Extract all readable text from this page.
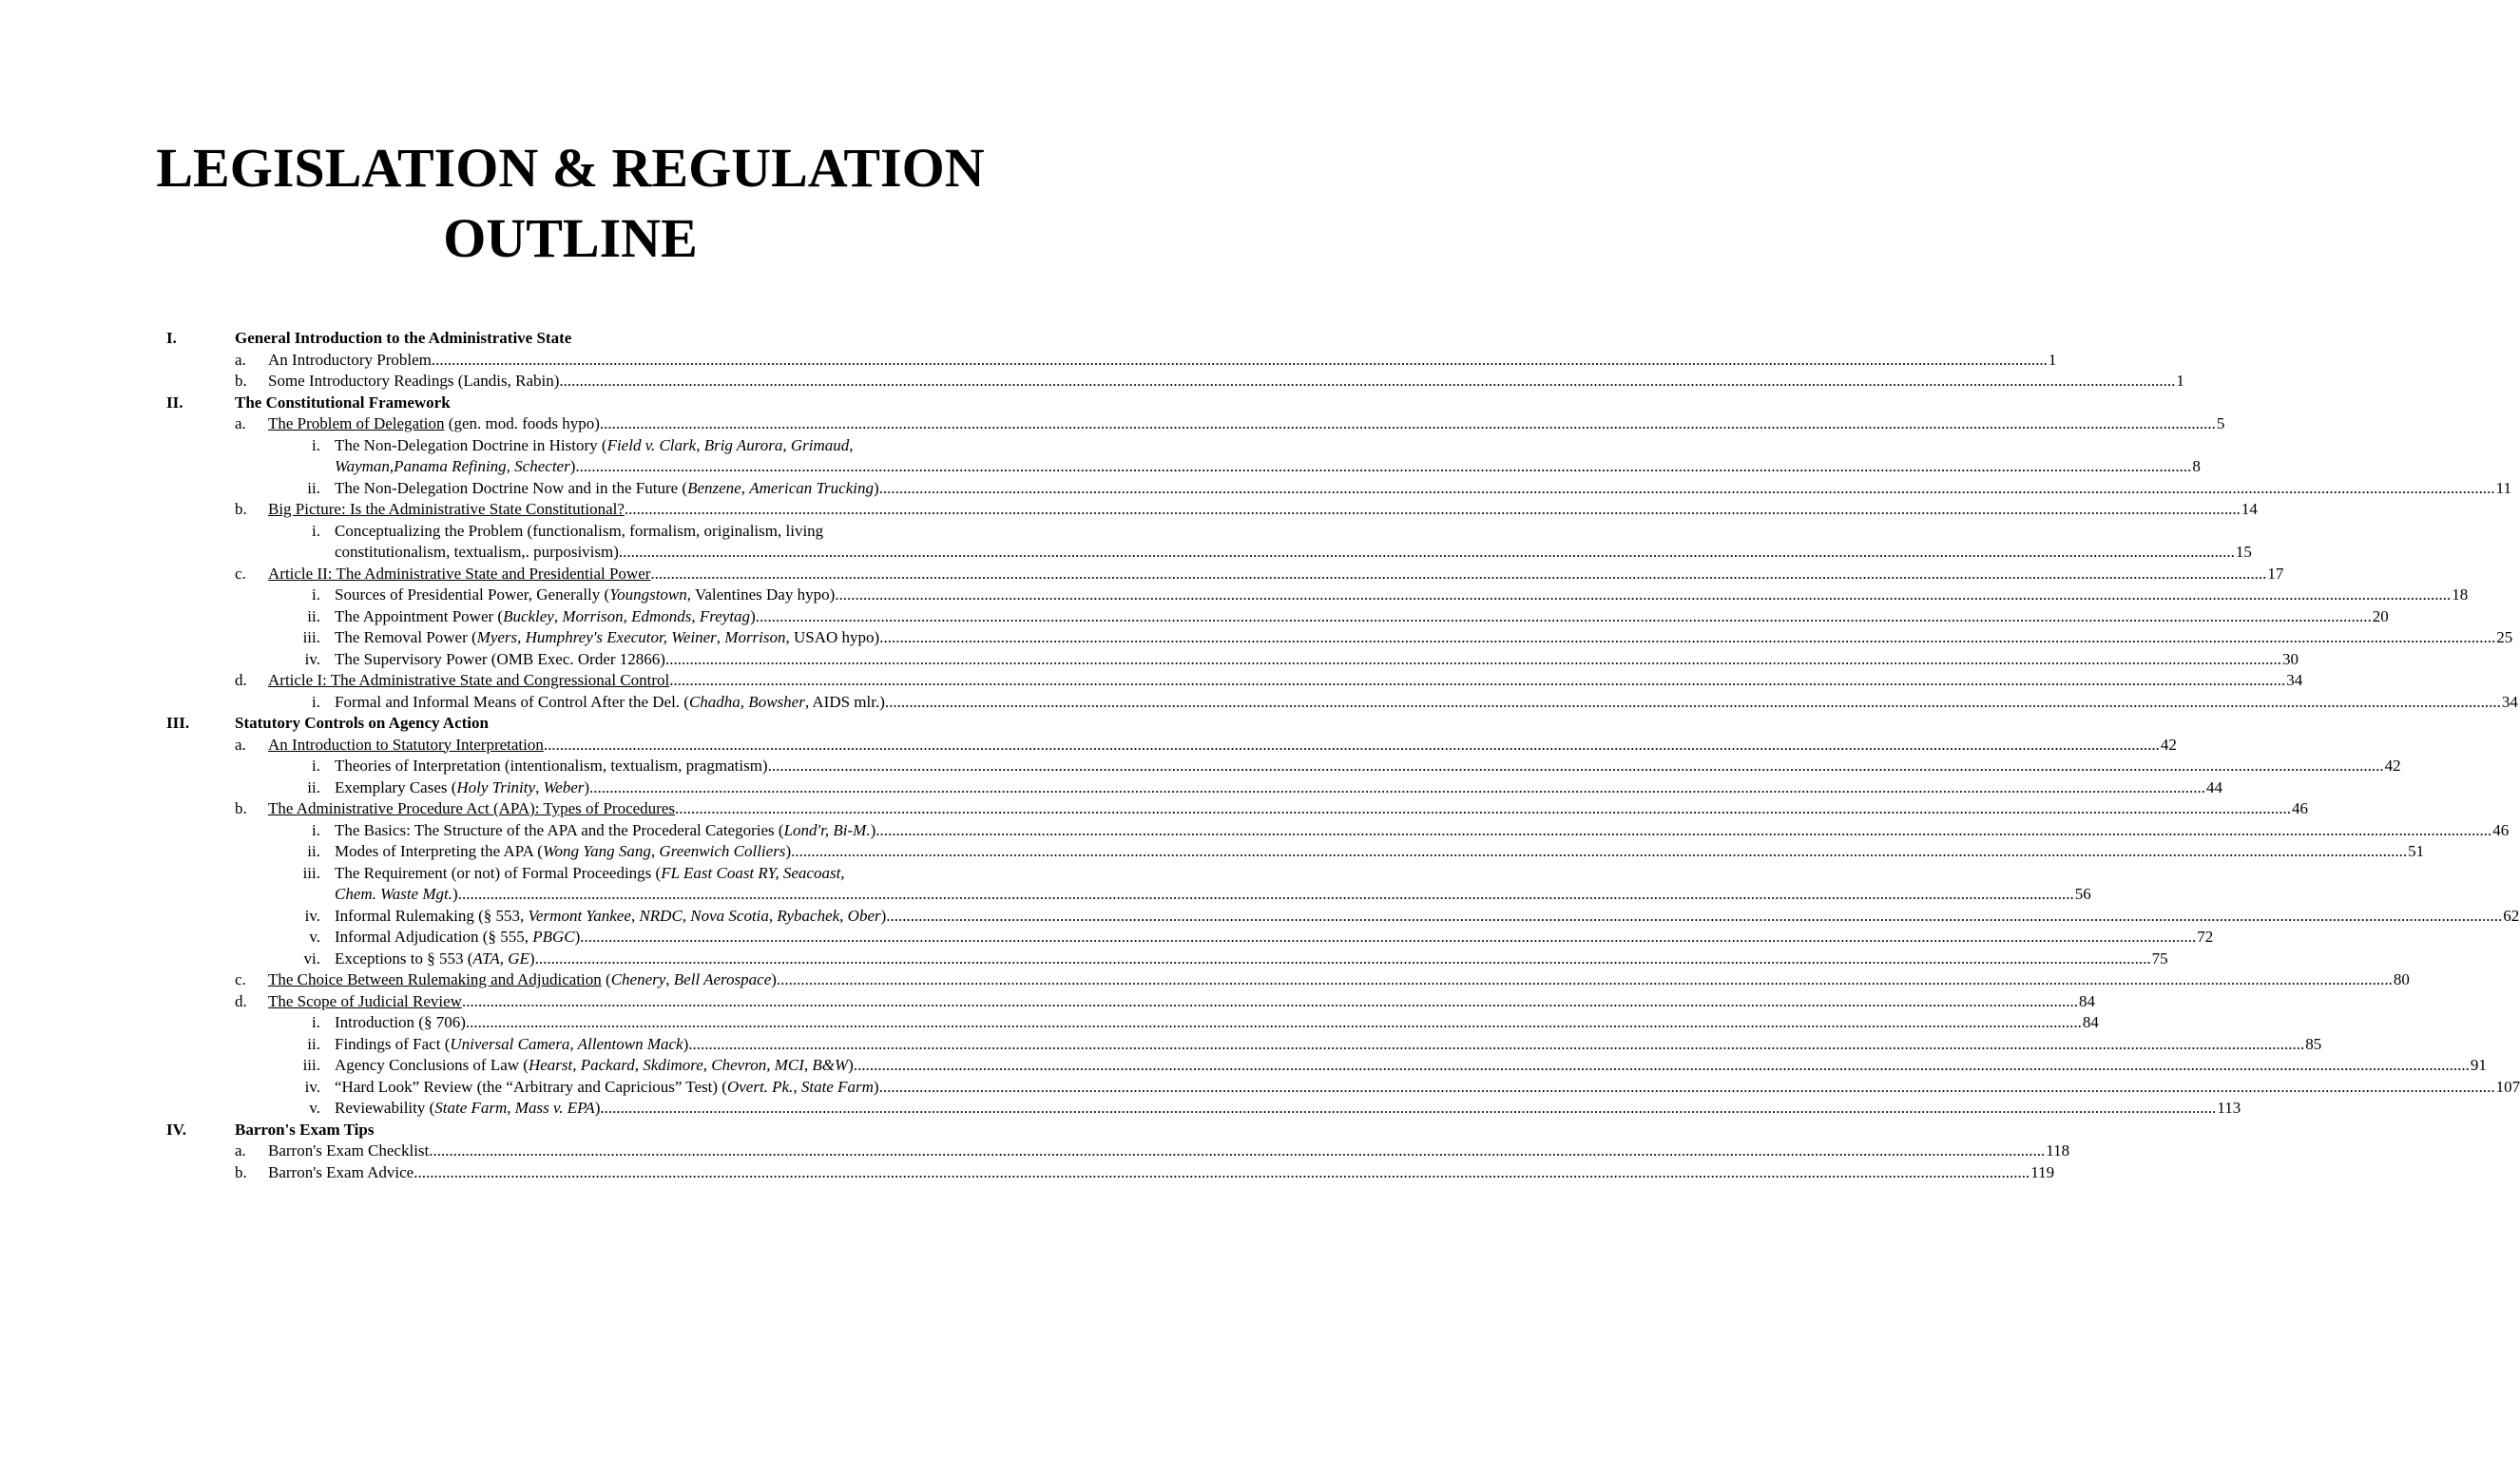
LEGISLATION & REGULATION
OUTLINE
I.	General Introduction to the Administrative State
a. An Introductory Problem ................................................................................................................................................................................................................................................................................................................................................................................................................ 1
b. Some Introductory Readings (Landis, Rabin) ................................................................................................................................................................................................................................................................................................................................................................................................................ 1
II.	The Constitutional Framework
a. The Problem of Delegation (gen. mod. foods hypo) ................................................................................................................................................................................................................................................................................................................................................................................................................ 5
i. The Non-Delegation Doctrine in History (Field v. Clark, Brig Aurora, Grimaud,
Wayman,Panama Refining, Schecter) ................................................................................................................................................................................................................................................................................................................................................................................................................ 8
ii. The Non-Delegation Doctrine Now and in the Future (Benzene, American Trucking) ................................................................................................................................................................................................................................................................................................................................................................................................................ 11
b. Big Picture: Is the Administrative State Constitutional? ................................................................................................................................................................................................................................................................................................................................................................................................................ 14
i. Conceptualizing the Problem (functionalism, formalism, originalism, living
constitutionalism, textualism,. purposivism) ................................................................................................................................................................................................................................................................................................................................................................................................................ 15
c. Article II: The Administrative State and Presidential Power ................................................................................................................................................................................................................................................................................................................................................................................................................ 17
i. Sources of Presidential Power, Generally (Youngstown, Valentines Day hypo) ................................................................................................................................................................................................................................................................................................................................................................................................................ 18
ii. The Appointment Power (Buckley, Morrison, Edmonds, Freytag) ................................................................................................................................................................................................................................................................................................................................................................................................................ 20
iii. The Removal Power (Myers, Humphrey's Executor, Weiner, Morrison, USAO hypo) ................................................................................................................................................................................................................................................................................................................................................................................................................ 25
iv. The Supervisory Power (OMB Exec. Order 12866) ................................................................................................................................................................................................................................................................................................................................................................................................................ 30
d. Article I: The Administrative State and Congressional Control ................................................................................................................................................................................................................................................................................................................................................................................................................ 34
i. Formal and Informal Means of Control After the Del. (Chadha, Bowsher, AIDS mlr.) ................................................................................................................................................................................................................................................................................................................................................................................................................ 34
III.	Statutory Controls on Agency Action
a. An Introduction to Statutory Interpretation ................................................................................................................................................................................................................................................................................................................................................................................................................ 42
i. Theories of Interpretation (intentionalism, textualism, pragmatism) ................................................................................................................................................................................................................................................................................................................................................................................................................ 42
ii. Exemplary Cases (Holy Trinity, Weber) ................................................................................................................................................................................................................................................................................................................................................................................................................ 44
b. The Administrative Procedure Act (APA): Types of Procedures ................................................................................................................................................................................................................................................................................................................................................................................................................ 46
i. The Basics: The Structure of the APA and the Procederal Categories (Lond'r, Bi-M.) ................................................................................................................................................................................................................................................................................................................................................................................................................ 46
ii. Modes of Interpreting the APA (Wong Yang Sang, Greenwich Colliers) ................................................................................................................................................................................................................................................................................................................................................................................................................ 51
iii. The Requirement (or not) of Formal Proceedings (FL East Coast RY, Seacoast,
Chem. Waste Mgt.) ................................................................................................................................................................................................................................................................................................................................................................................................................ 56
iv. Informal Rulemaking (§ 553, Vermont Yankee, NRDC, Nova Scotia, Rybachek, Ober) ................................................................................................................................................................................................................................................................................................................................................................................................................ 62
v. Informal Adjudication (§ 555, PBGC) ................................................................................................................................................................................................................................................................................................................................................................................................................ 72
vi. Exceptions to § 553 (ATA, GE) ................................................................................................................................................................................................................................................................................................................................................................................................................ 75
c. The Choice Between Rulemaking and Adjudication (Chenery, Bell Aerospace) ................................................................................................................................................................................................................................................................................................................................................................................................................ 80
d. The Scope of Judicial Review ................................................................................................................................................................................................................................................................................................................................................................................................................ 84
i. Introduction (§ 706) ................................................................................................................................................................................................................................................................................................................................................................................................................ 84
ii. Findings of Fact (Universal Camera, Allentown Mack) ................................................................................................................................................................................................................................................................................................................................................................................................................ 85
iii. Agency Conclusions of Law (Hearst, Packard, Skdimore, Chevron, MCI, B&W) ................................................................................................................................................................................................................................................................................................................................................................................................................ 91
iv. “Hard Look” Review (the “Arbitrary and Capricious” Test) (Overt. Pk., State Farm) ................................................................................................................................................................................................................................................................................................................................................................................................................ 107
v. Reviewability (State Farm, Mass v. EPA) ................................................................................................................................................................................................................................................................................................................................................................................................................ 113
IV.	Barron's Exam Tips
a. Barron's Exam Checklist ................................................................................................................................................................................................................................................................................................................................................................................................................ 118
b. Barron's Exam Advice ................................................................................................................................................................................................................................................................................................................................................................................................................ 119
